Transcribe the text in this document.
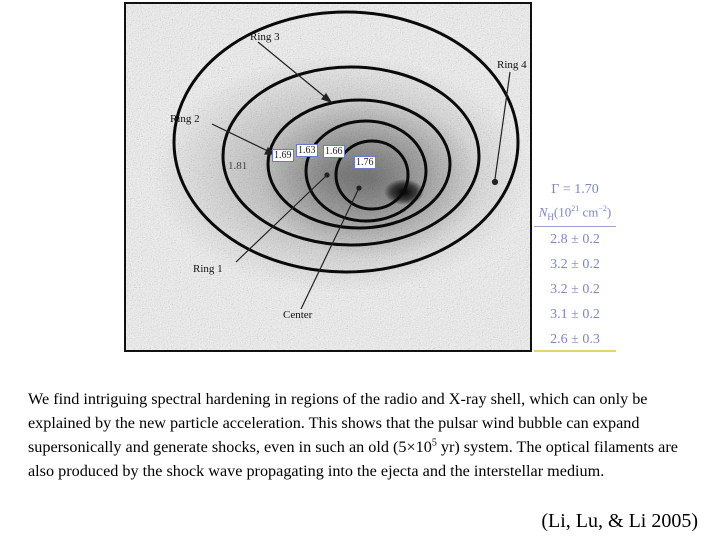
Ring 3
Ring 4
Ring 2
Ring 1
Center
1.81
1.69 1.63 1.66
1.76
Γ = 1.70
$N_H(10^{21}$ $cm^{-2}$)
2.8 ± 0.2
3.2 ± 0.2
3.2 ± 0.2
3.1 ± 0.2
2.6 ± 0.3
We find intriguing spectral hardening in regions of the radio and X-ray shell, which can only be explained by the new particle acceleration. This shows that the pulsar wind bubble can expand supersonically and generate shocks, even in such an old ($5\times 10^5$ yr) system. The optical filaments are also produced by the shock wave propagating into the ejecta and the interstellar medium.
(Li, Lu, & Li 2005)
